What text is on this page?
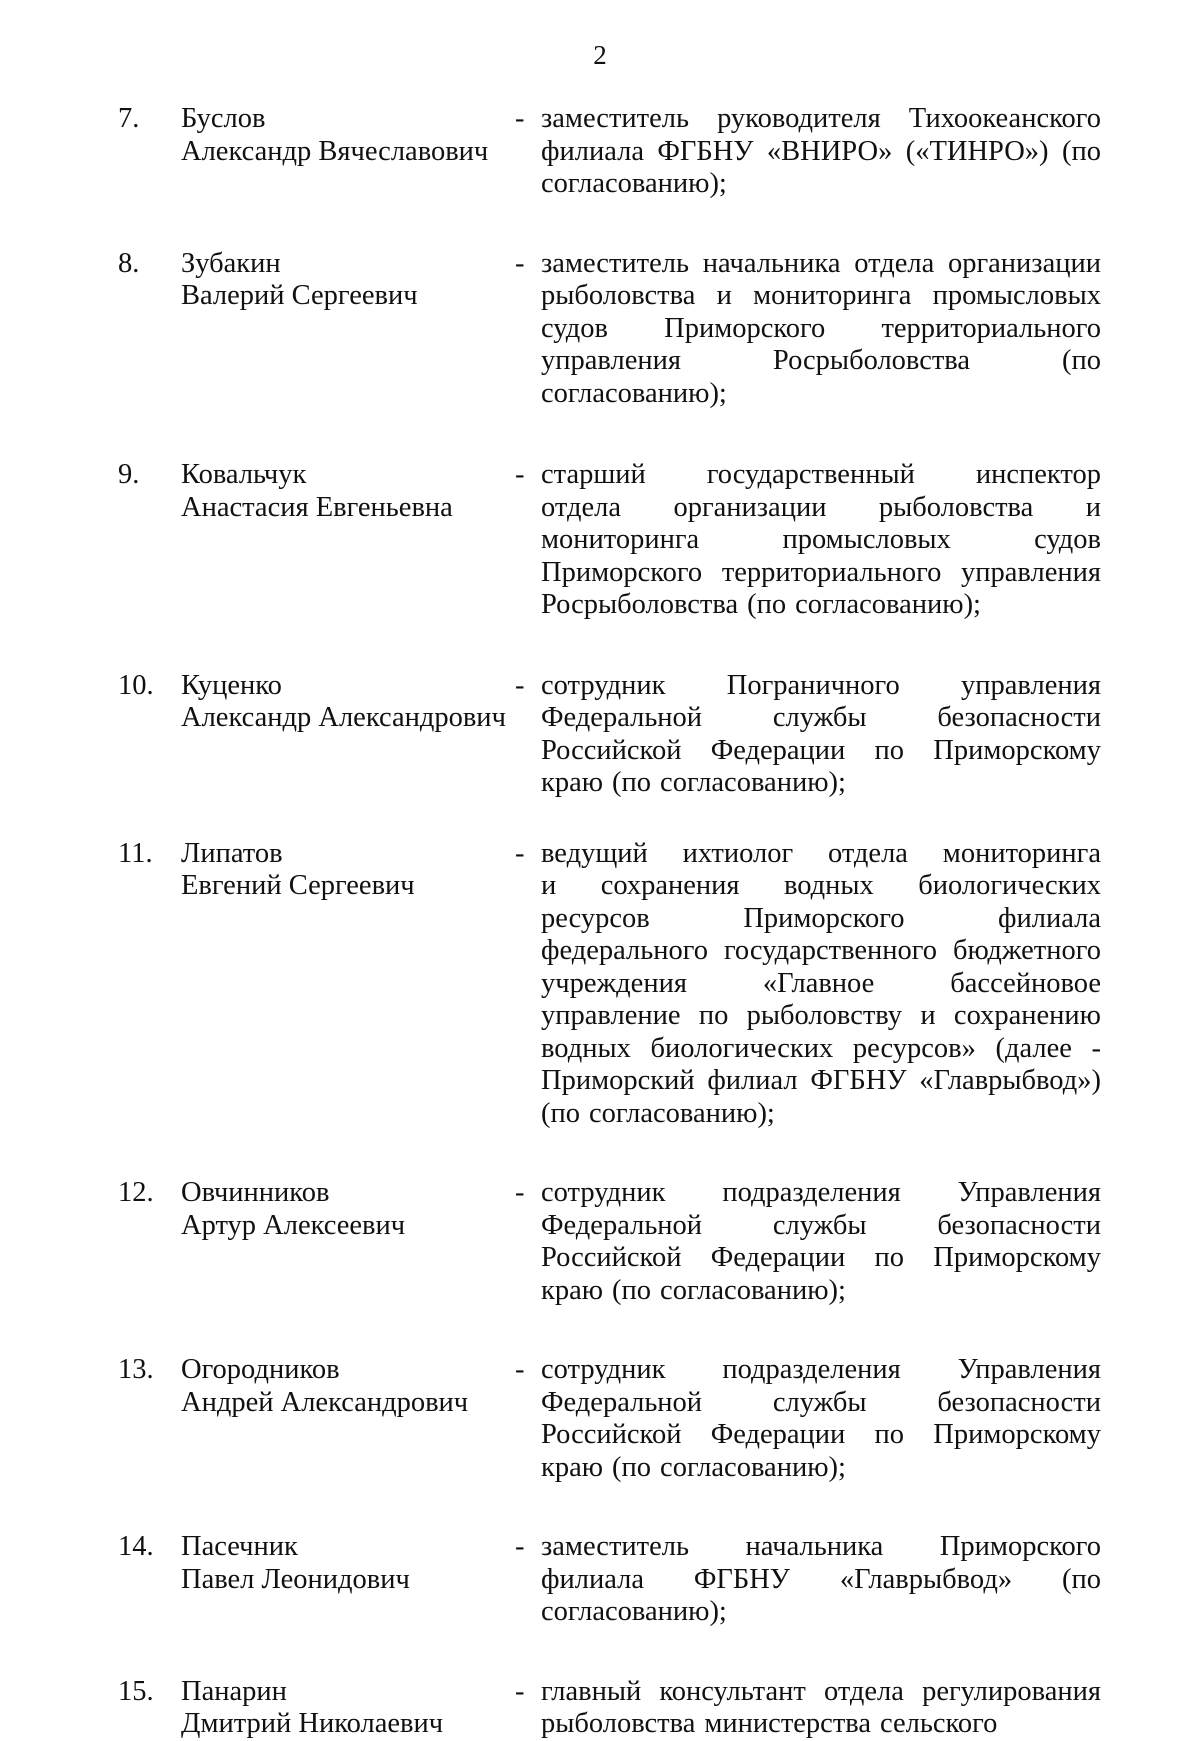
2
7. Буслов
Александр Вячеславович
- заместитель руководителя Тихоокеанского
филиала ФГБНУ «ВНИРО» («ТИНРО») (по
согласованию);
8. Зубакин
Валерий Сергеевич
- заместитель начальника отдела организации
рыболовства и мониторинга промысловых
судов Приморского территориального
управления	Росрыболовства	(по
согласованию);
9. Ковальчук
Анастасия Евгеньевна
- старший государственный инспектор
отдела организации рыболовства и
мониторинга	промысловых	судов
Приморского территориального управления
Росрыболовства (по согласованию);
10. Куценко
Александр Александрович
- сотрудник Пограничного управления
Федеральной службы безопасности
Российской Федерации по Приморскому
краю (по согласованию);
11. Липатов
Евгений Сергеевич
- ведущий ихтиолог отдела мониторинга
и сохранения водных биологических
ресурсов	Приморского	филиала
федерального государственного бюджетного
учреждения	«Главное	бассейновое
управление по рыболовству и сохранению
водных биологических ресурсов» (далее -
Приморский филиал ФГБНУ «Главрыбвод»)
(по согласованию);
12. Овчинников
Артур Алексеевич
- сотрудник подразделения Управления
Федеральной службы безопасности
Российской Федерации по Приморскому
краю (по согласованию);
13. Огородников
Андрей Александрович
- сотрудник подразделения Управления
Федеральной службы безопасности
Российской Федерации по Приморскому
краю (по согласованию);
14. Пасечник
Павел Леонидович
- заместитель начальника Приморского
филиала ФГБНУ «Главрыбвод» (по
согласованию);
15. Панарин
Дмитрий Николаевич
- главный консультант отдела регулирования
рыболовства министерства сельского
